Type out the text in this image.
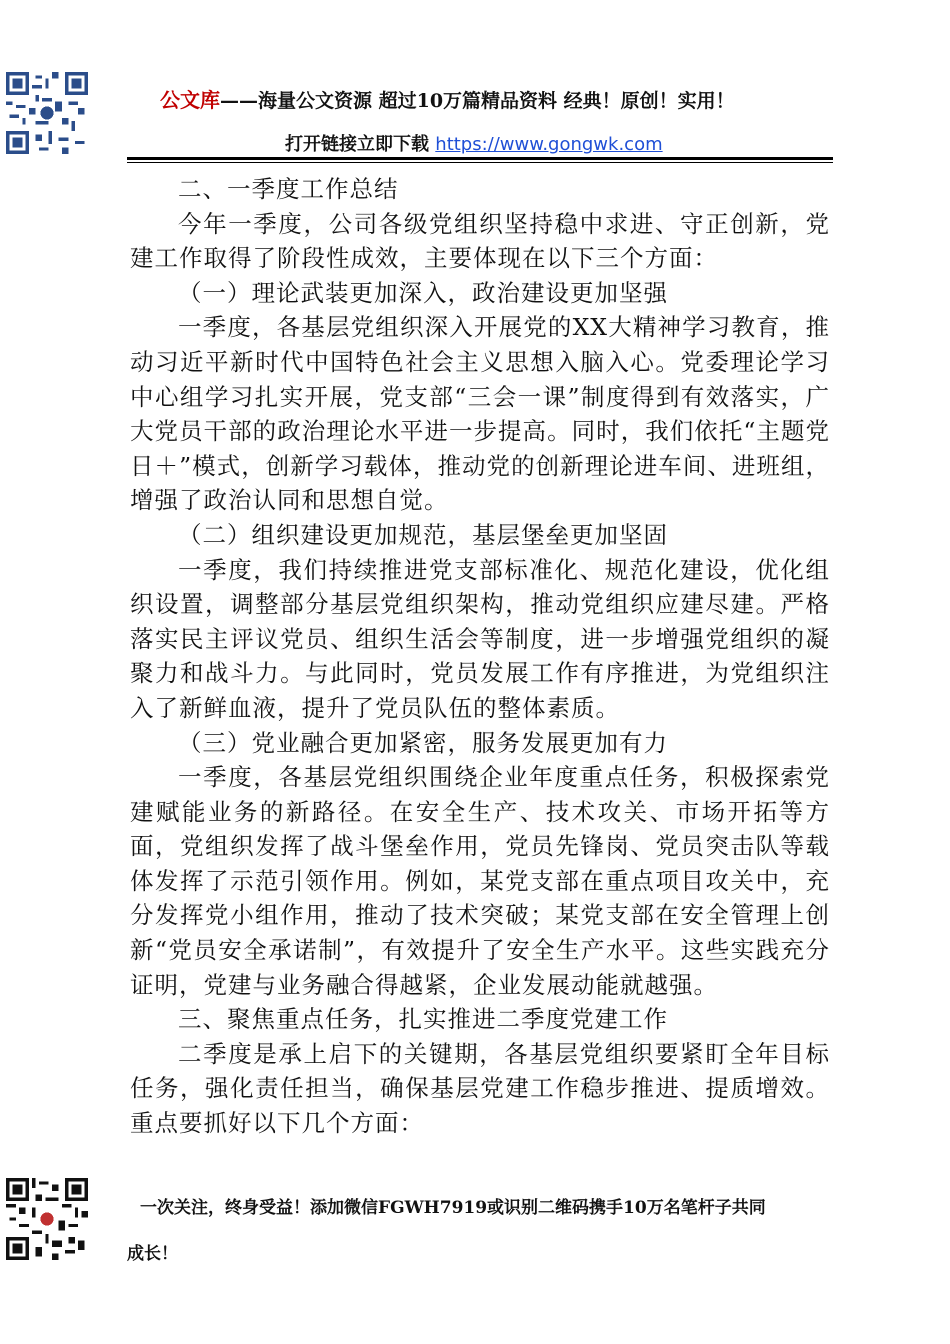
公文库——海量公文资源 超过10万篇精品资料 经典！原创！实用！
打开链接立即下载 https://www.gongwk.com

二、一季度工作总结

今年一季度，公司各级党组织坚持稳中求进、守正创新，党建工作取得了阶段性成效，主要体现在以下三个方面：

（一）理论武装更加深入，政治建设更加坚强

一季度，各基层党组织深入开展党的XX大精神学习教育，推动习近平新时代中国特色社会主义思想入脑入心。党委理论学习中心组学习扎实开展，党支部“三会一课”制度得到有效落实，广大党员干部的政治理论水平进一步提高。同时，我们依托“主题党日＋”模式，创新学习载体，推动党的创新理论进车间、进班组，增强了政治认同和思想自觉。

（二）组织建设更加规范，基层堡垒更加坚固

一季度，我们持续推进党支部标准化、规范化建设，优化组织设置，调整部分基层党组织架构，推动党组织应建尽建。严格落实民主评议党员、组织生活会等制度，进一步增强党组织的凝聚力和战斗力。与此同时，党员发展工作有序推进，为党组织注入了新鲜血液，提升了党员队伍的整体素质。

（三）党业融合更加紧密，服务发展更加有力

一季度，各基层党组织围绕企业年度重点任务，积极探索党建赋能业务的新路径。在安全生产、技术攻关、市场开拓等方面，党组织发挥了战斗堡垒作用，党员先锋岗、党员突击队等载体发挥了示范引领作用。例如，某党支部在重点项目攻关中，充分发挥党小组作用，推动了技术突破；某党支部在安全管理上创新“党员安全承诺制”，有效提升了安全生产水平。这些实践充分证明，党建与业务融合得越紧，企业发展动能就越强。

三、聚焦重点任务，扎实推进二季度党建工作

二季度是承上启下的关键期，各基层党组织要紧盯全年目标任务，强化责任担当，确保基层党建工作稳步推进、提质增效。重点要抓好以下几个方面：

一次关注，终身受益！添加微信FGWH7919或识别二维码携手10万名笔杆子共同
成长！
